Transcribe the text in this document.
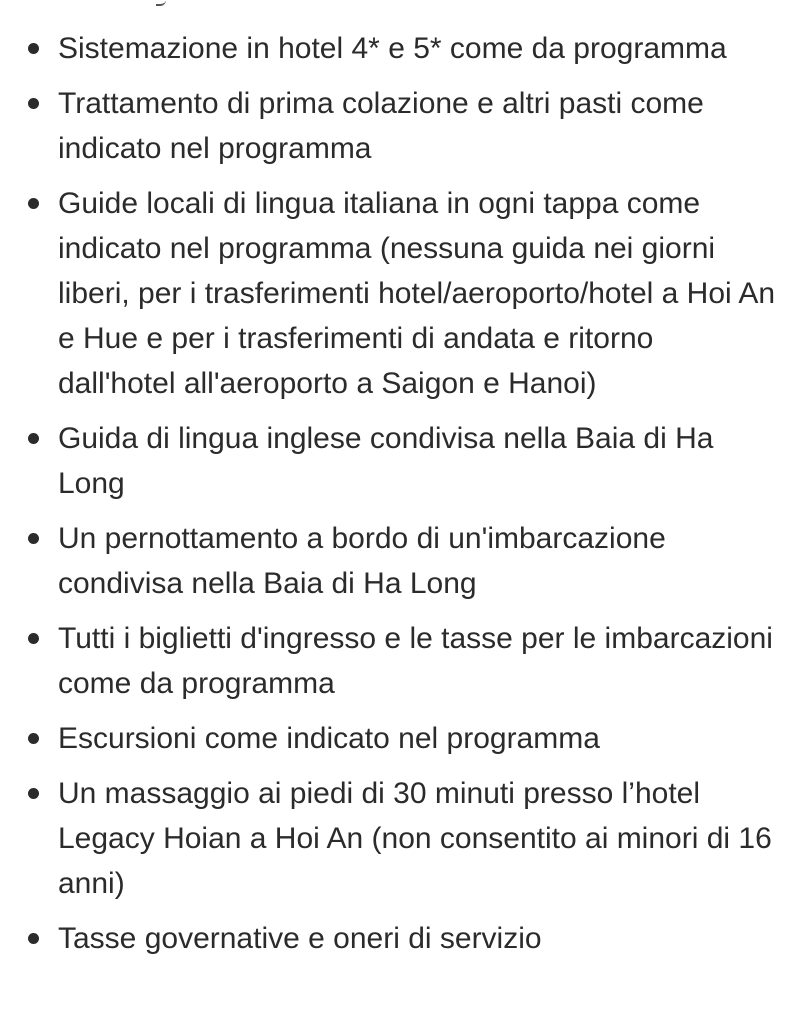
Sistemazione in hotel 4* e 5* come da programma
Trattamento di prima colazione e altri pasti come indicato nel programma
Guide locali di lingua italiana in ogni tappa come indicato nel programma (nessuna guida nei giorni liberi, per i trasferimenti hotel/aeroporto/hotel a Hoi An e Hue e per i trasferimenti di andata e ritorno dall'hotel all'aeroporto a Saigon e Hanoi)
Guida di lingua inglese condivisa nella Baia di Ha Long
Un pernottamento a bordo di un'imbarcazione condivisa nella Baia di Ha Long
Tutti i biglietti d'ingresso e le tasse per le imbarcazioni come da programma
Escursioni come indicato nel programma
Un massaggio ai piedi di 30 minuti presso l’hotel Legacy Hoian a Hoi An (non consentito ai minori di 16 anni)
Tasse governative e oneri di servizio
